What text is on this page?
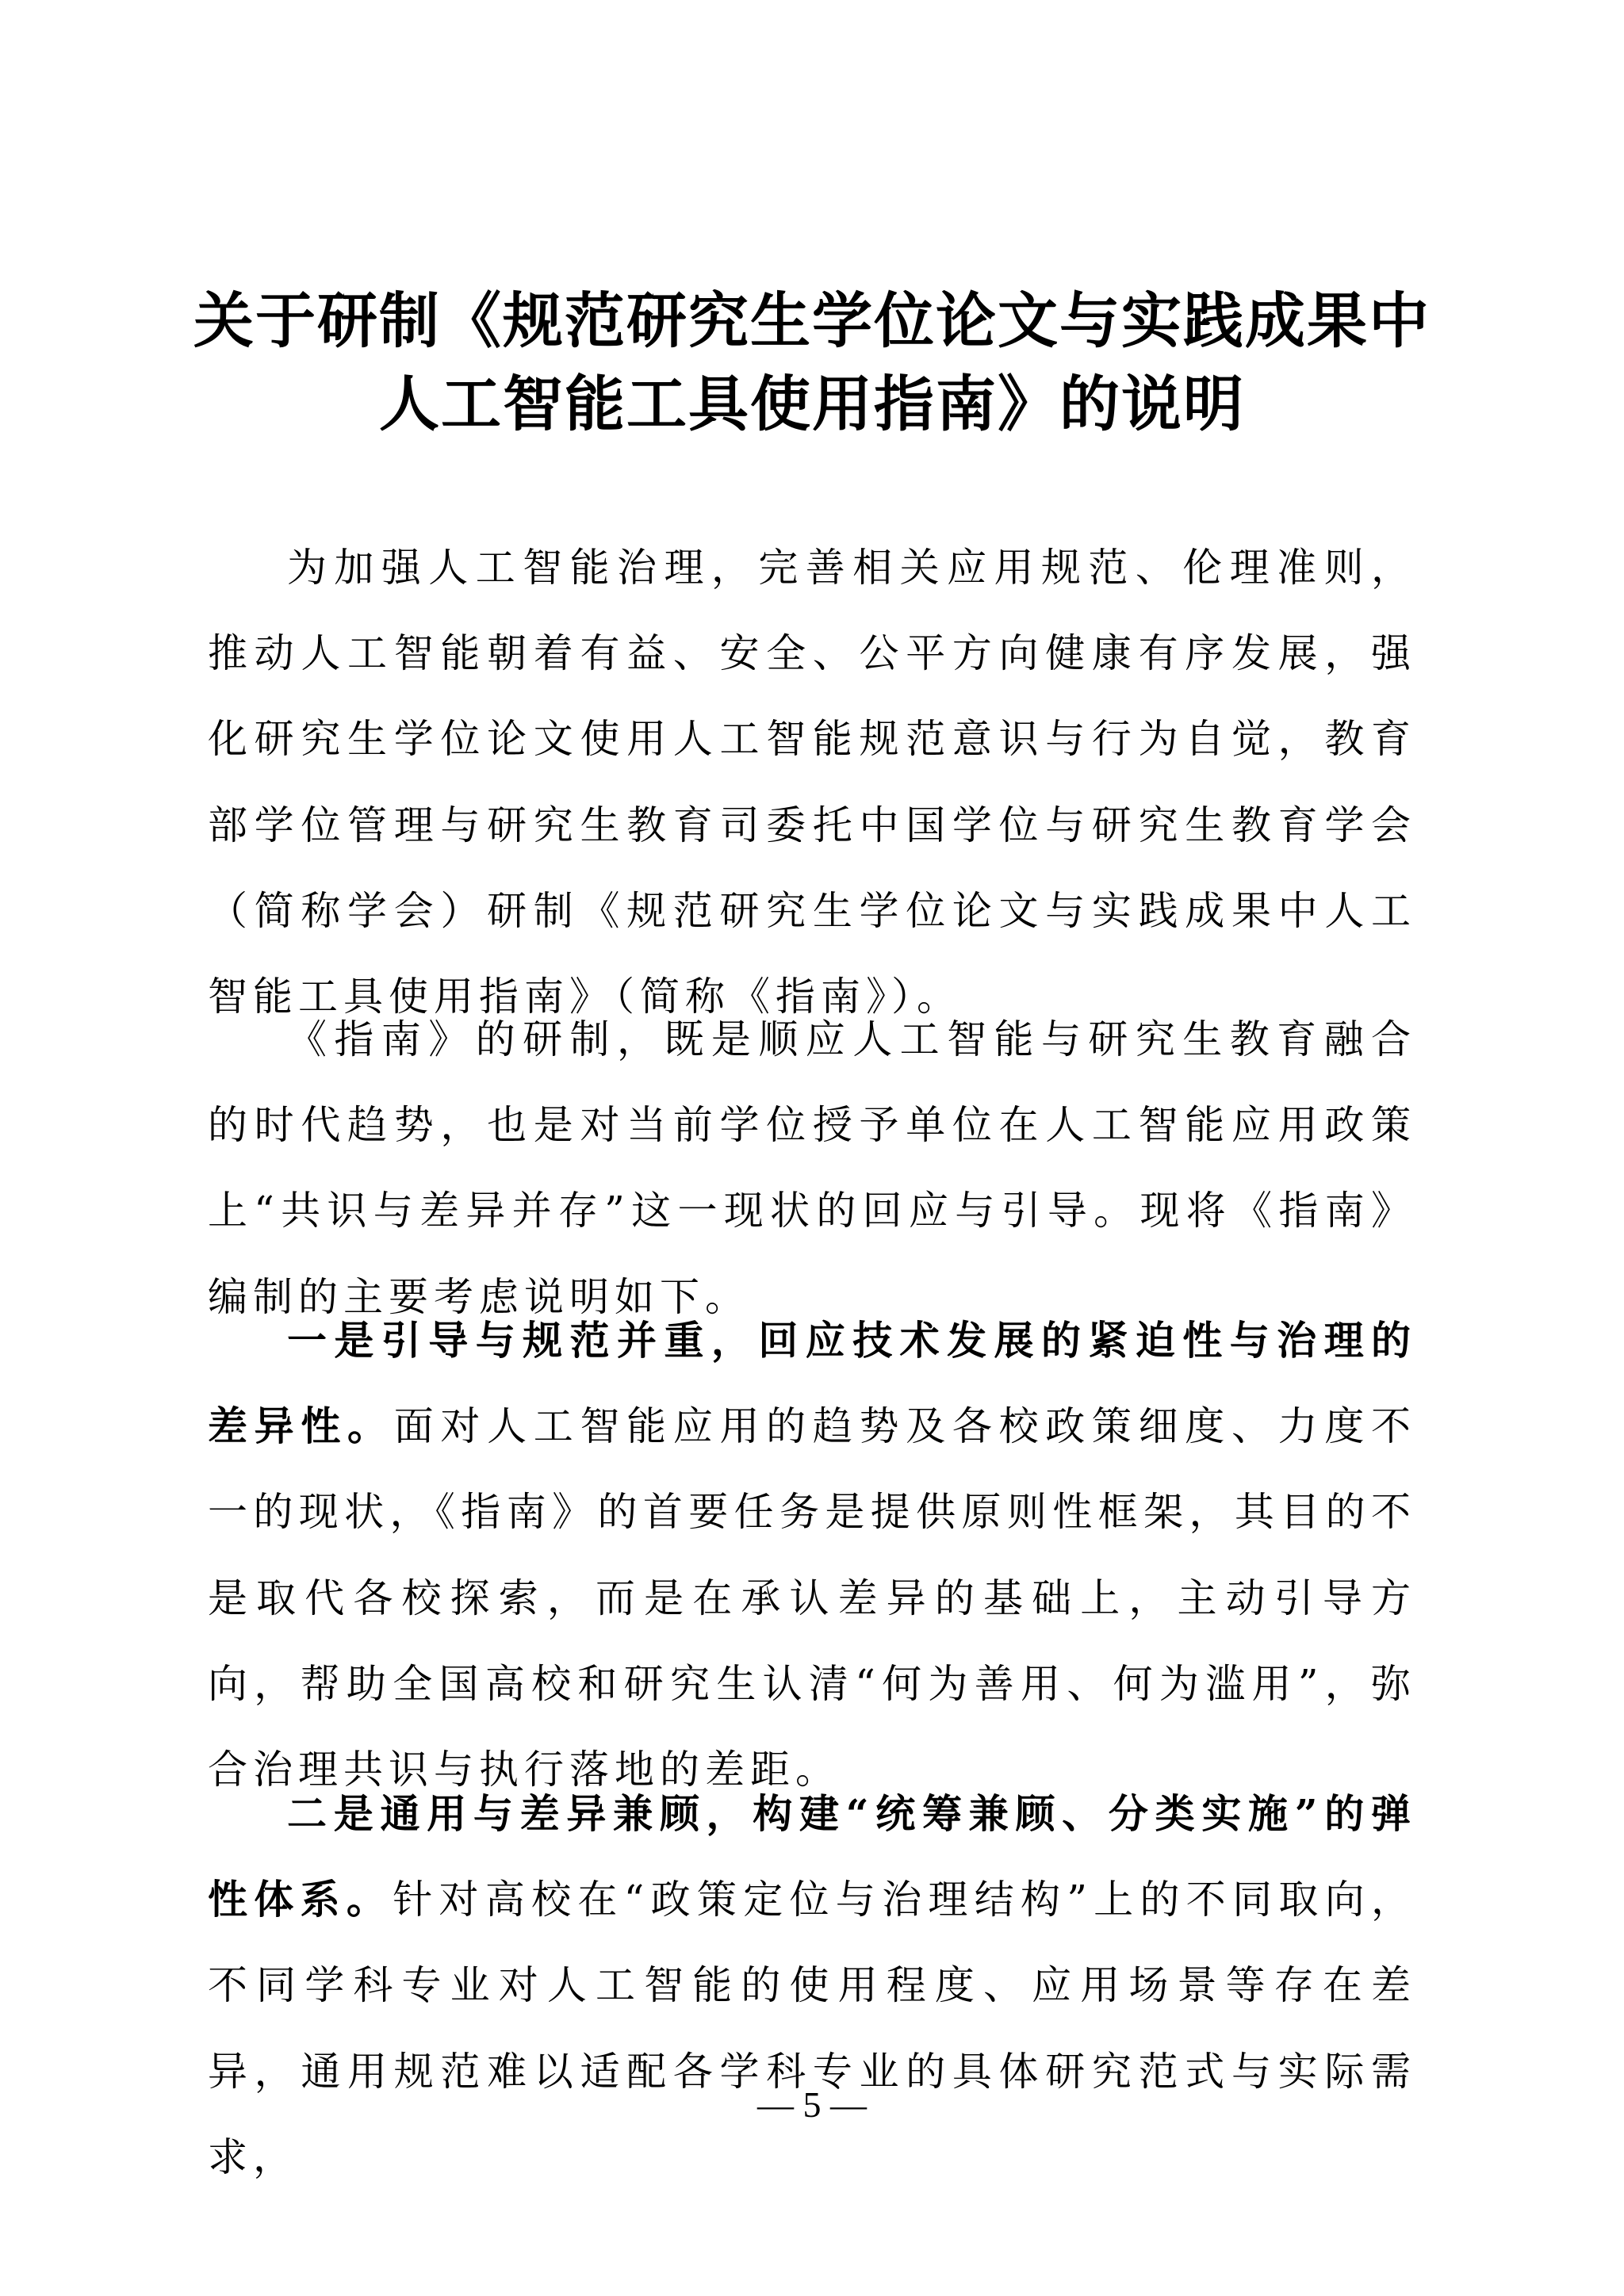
关于研制《规范研究生学位论文与实践成果中
人工智能工具使用指南》的说明

为加强人工智能治理，完善相关应用规范、伦理准则，推动人工智能朝着有益、安全、公平方向健康有序发展，强化研究生学位论文使用人工智能规范意识与行为自觉，教育部学位管理与研究生教育司委托中国学位与研究生教育学会（简称学会）研制《规范研究生学位论文与实践成果中人工智能工具使用指南》（简称《指南》）。

《指南》的研制，既是顺应人工智能与研究生教育融合的时代趋势，也是对当前学位授予单位在人工智能应用政策上“共识与差异并存”这一现状的回应与引导。现将《指南》编制的主要考虑说明如下。

一是引导与规范并重，回应技术发展的紧迫性与治理的差异性。面对人工智能应用的趋势及各校政策细度、力度不一的现状，《指南》的首要任务是提供原则性框架，其目的不是取代各校探索，而是在承认差异的基础上，主动引导方向，帮助全国高校和研究生认清“何为善用、何为滥用”，弥合治理共识与执行落地的差距。

二是通用与差异兼顾，构建“统筹兼顾、分类实施”的弹性体系。针对高校在“政策定位与治理结构”上的不同取向，不同学科专业对人工智能的使用程度、应用场景等存在差异，通用规范难以适配各学科专业的具体研究范式与实际需求，

— 5 —
